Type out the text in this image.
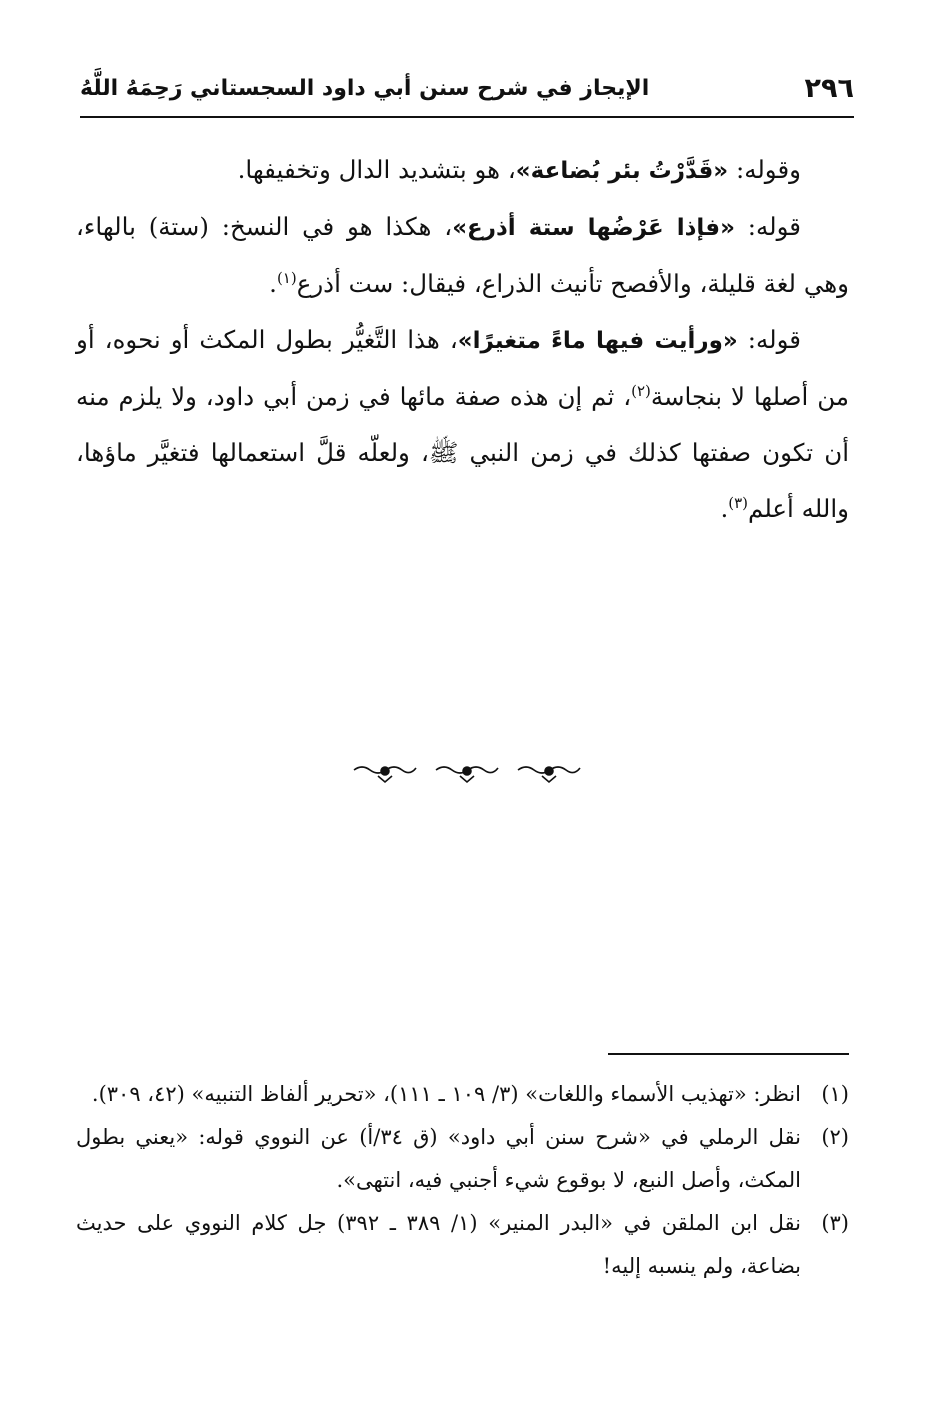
٢٩٦
الإيجاز في شرح سنن أبي داود السجستاني رَحِمَهُ اللَّهُ

وقوله: «قَدَّرْتُ بئر بُضاعة»، هو بتشديد الدال وتخفيفها.

قوله: «فإذا عَرْضُها ستة أذرع»، هكذا هو في النسخ: (ستة) بالهاء، وهي لغة قليلة، والأفصح تأنيث الذراع، فيقال: ست أذرع$^{(١)}$.

قوله: «ورأيت فيها ماءً متغيرًا»، هذا التَّغيُّر بطول المكث أو نحوه، أو من أصلها لا بنجاسة$^{(٢)}$، ثم إن هذه صفة مائها في زمن أبي داود، ولا يلزم منه أن تكون صفتها كذلك في زمن النبي ﷺ، ولعلّه قلَّ استعمالها فتغيَّر ماؤها، والله أعلم$^{(٣)}$.

(١)
انظر: «تهذيب الأسماء واللغات» (٣/ ١٠٩ ـ ١١١)، «تحرير ألفاظ التنبيه» (٤٢، ٣٠٩).
(٢)
نقل الرملي في «شرح سنن أبي داود» (ق ٣٤/أ) عن النووي قوله: «يعني بطول المكث، وأصل النبع، لا بوقوع شيء أجنبي فيه، انتهى».
(٣)
نقل ابن الملقن في «البدر المنير» (١/ ٣٨٩ ـ ٣٩٢) جل كلام النووي على حديث بضاعة، ولم ينسبه إليه!
